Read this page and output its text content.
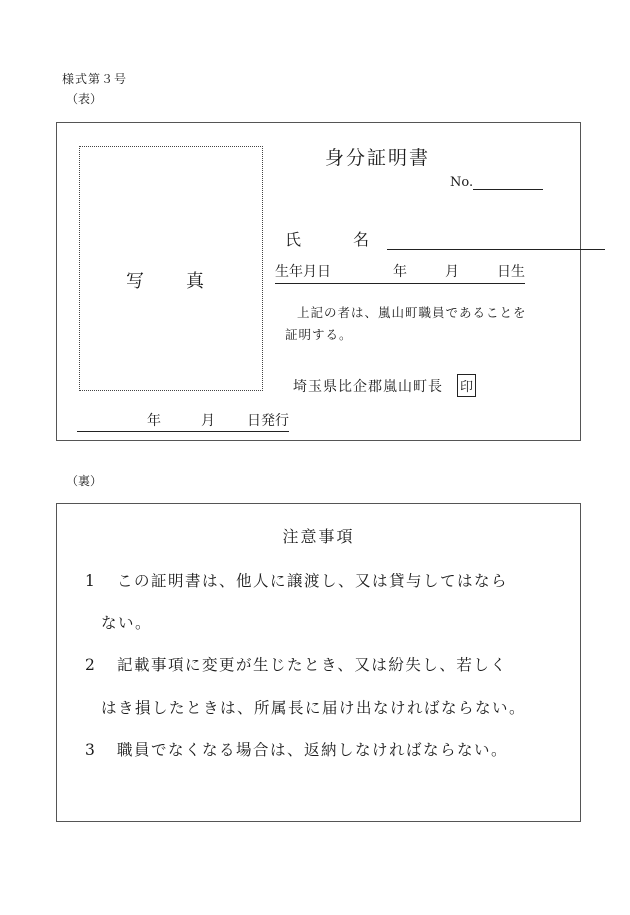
様式第３号
（表）
写　真
身分証明書
No.
氏　名
生年月日	年	月	日生
上記の者は、嵐山町職員であることを
証明する。
埼玉県比企郡嵐山町長 印
年	月 日発行
（裏）
注意事項
1 この証明書は、他人に譲渡し、又は貸与してはなら
ない。
2 記載事項に変更が生じたとき、又は紛失し、若しく
はき損したときは、所属長に届け出なければならない。
3 職員でなくなる場合は、返納しなければならない。
